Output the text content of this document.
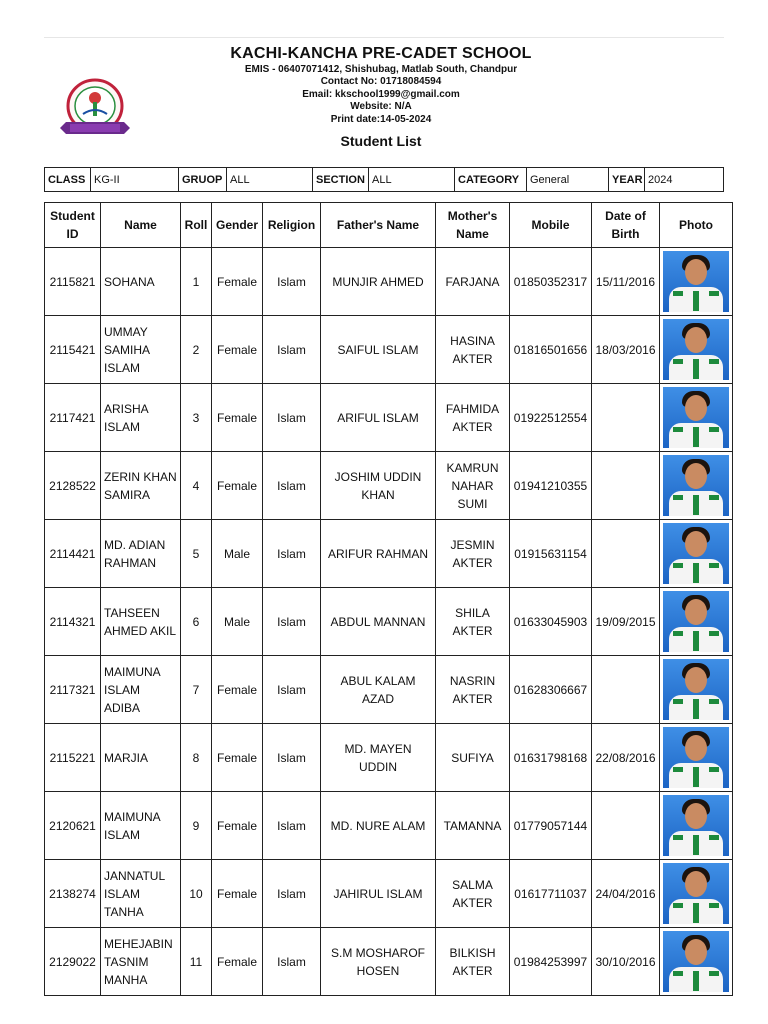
KACHI-KANCHA PRE-CADET SCHOOL
EMIS - 06407071412, Shishubag, Matlab South, Chandpur
Contact No: 01718084594
Email: kkschool1999@gmail.com
Website: N/A
Print date:14-05-2024
Student List
CLASS	KG-II	GRUOP	ALL	SECTION	ALL	CATEGORY	General	YEAR	2024
Student ID	Name	Roll	Gender	Religion	Father's Name	Mother's Name	Mobile	Date of Birth	Photo
2115821	SOHANA	1	Female	Islam	MUNJIR AHMED	FARJANA	01850352317	15/11/2016	

2115421	UMMAY SAMIHA ISLAM	2	Female	Islam	SAIFUL ISLAM	HASINA AKTER	01816501656	18/03/2016	

2117421	ARISHA ISLAM	3	Female	Islam	ARIFUL ISLAM	FAHMIDA AKTER	01922512554		

2128522	ZERIN KHAN SAMIRA	4	Female	Islam	JOSHIM UDDIN KHAN	KAMRUN NAHAR SUMI	01941210355		

2114421	MD. ADIAN RAHMAN	5	Male	Islam	ARIFUR RAHMAN	JESMIN AKTER	01915631154		

2114321	TAHSEEN AHMED AKIL	6	Male	Islam	ABDUL MANNAN	SHILA AKTER	01633045903	19/09/2015	

2117321	MAIMUNA ISLAM ADIBA	7	Female	Islam	ABUL KALAM AZAD	NASRIN AKTER	01628306667		

2115221	MARJIA	8	Female	Islam	MD. MAYEN UDDIN	SUFIYA	01631798168	22/08/2016	

2120621	MAIMUNA ISLAM	9	Female	Islam	MD. NURE ALAM	TAMANNA	01779057144		

2138274	JANNATUL ISLAM TANHA	10	Female	Islam	JAHIRUL ISLAM	SALMA AKTER	01617711037	24/04/2016	

2129022	MEHEJABIN TASNIM MANHA	11	Female	Islam	S.M MOSHAROF HOSEN	BILKISH AKTER	01984253997	30/10/2016	
